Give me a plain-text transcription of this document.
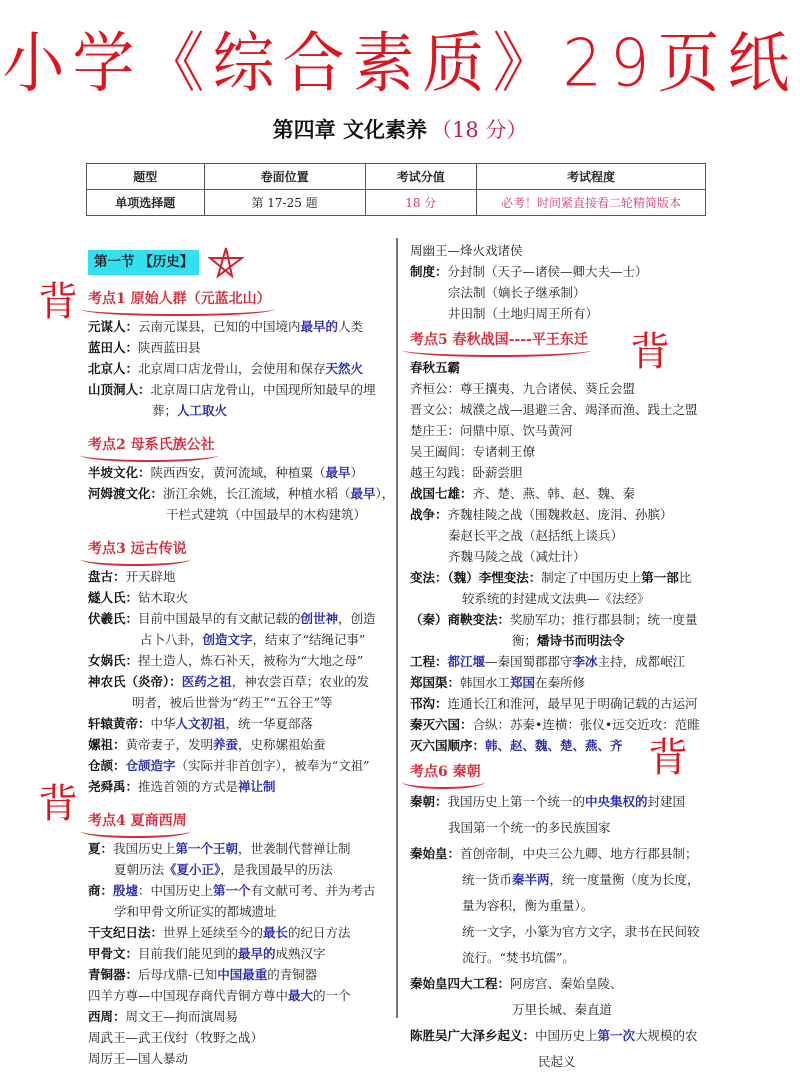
小学《综合素质》29页纸
第四章 文化素养 （18 分）
题型	卷面位置	考试分值	考试程度
单项选择题	第 17-25 题	18 分	必考！时间紧直接看二轮精简版本
背
背
背
背
第一节 【历史】
考点1 原始人群（元蓝北山）
元谋人：云南元谋县，已知的中国境内最早的人类
蓝田人：陕西蓝田县
北京人：北京周口店龙骨山，会使用和保存天然火
山顶洞人：北京周口店龙骨山，中国现所知最早的埋
葬；人工取火
考点2 母系氏族公社
半坡文化：陕西西安，黄河流域，种植粟（最早）
河姆渡文化：浙江余姚，长江流域，种植水稻（最早），
干栏式建筑（中国最早的木构建筑）
考点3 远古传说
盘古：开天辟地
燧人氏：钻木取火
伏羲氏：目前中国最早的有文献记载的创世神，创造
占卜八卦，创造文字，结束了“结绳记事”
女娲氏：捏土造人，炼石补天，被称为“大地之母”
神农氏（炎帝）：医药之祖，神农尝百草；农业的发
明者，被后世誉为“药王”“五谷王”等
轩辕黄帝：中华人文初祖，统一华夏部落
嫘祖：黄帝妻子，发明养蚕，史称嫘祖始蚕
仓颉：仓颉造字（实际并非首创字），被奉为“文祖”
尧舜禹：推选首领的方式是禅让制
考点4 夏商西周
夏：我国历史上第一个王朝，世袭制代替禅让制
夏朝历法《夏小正》，是我国最早的历法
商：殷墟：中国历史上第一个有文献可考、并为考古
学和甲骨文所证实的都城遗址
干支纪日法：世界上延续至今的最长的纪日方法
甲骨文：目前我们能见到的最早的成熟汉字
青铜器：后母戊鼎-已知中国最重的青铜器
四羊方尊—中国现存商代青铜方尊中最大的一个
西周：周文王—拘而演周易
周武王—武王伐纣（牧野之战）
周厉王—国人暴动
周幽王—烽火戏诸侯
制度：分封制（天子—诸侯—卿大夫—士）
宗法制（嫡长子继承制）
井田制（土地归周王所有）
考点5 春秋战国----平王东迁
春秋五霸
齐桓公：尊王攘夷、九合诸侯、葵丘会盟
晋文公：城濮之战—退避三舍、竭泽而渔、践土之盟
楚庄王：问鼎中原、饮马黄河
吴王阖闾：专诸刺王僚
越王勾践：卧薪尝胆
战国七雄：齐、楚、燕、韩、赵、魏、秦
战争：齐魏桂陵之战（围魏救赵、庞涓、孙膑）
秦赵长平之战（赵括纸上谈兵）
齐魏马陵之战（减灶计）
变法：（魏）李悝变法：制定了中国历史上第一部比
较系统的封建成文法典—《法经》
（秦）商鞅变法：奖励军功；推行郡县制；统一度量
衡；燔诗书而明法令
工程：都江堰—秦国蜀郡郡守李冰主持，成都岷江
郑国渠：韩国水工郑国在秦所修
邗沟：连通长江和淮河，最早见于明确记载的古运河
秦灭六国：合纵：苏秦•连横：张仪•远交近攻：范睢
灭六国顺序：韩、赵、魏、楚、燕、齐
考点6 秦朝
秦朝：我国历史上第一个统一的中央集权的封建国
我国第一个统一的多民族国家
秦始皇：首创帝制，中央三公九卿、地方行郡县制；
统一货币秦半两，统一度量衡（度为长度，
量为容积，衡为重量）。
统一文字，小篆为官方文字，隶书在民间较
流行。“焚书坑儒”。
秦始皇四大工程：阿房宫、秦始皇陵、
万里长城、秦直道
陈胜吴广大泽乡起义：中国历史上第一次大规模的农
民起义
